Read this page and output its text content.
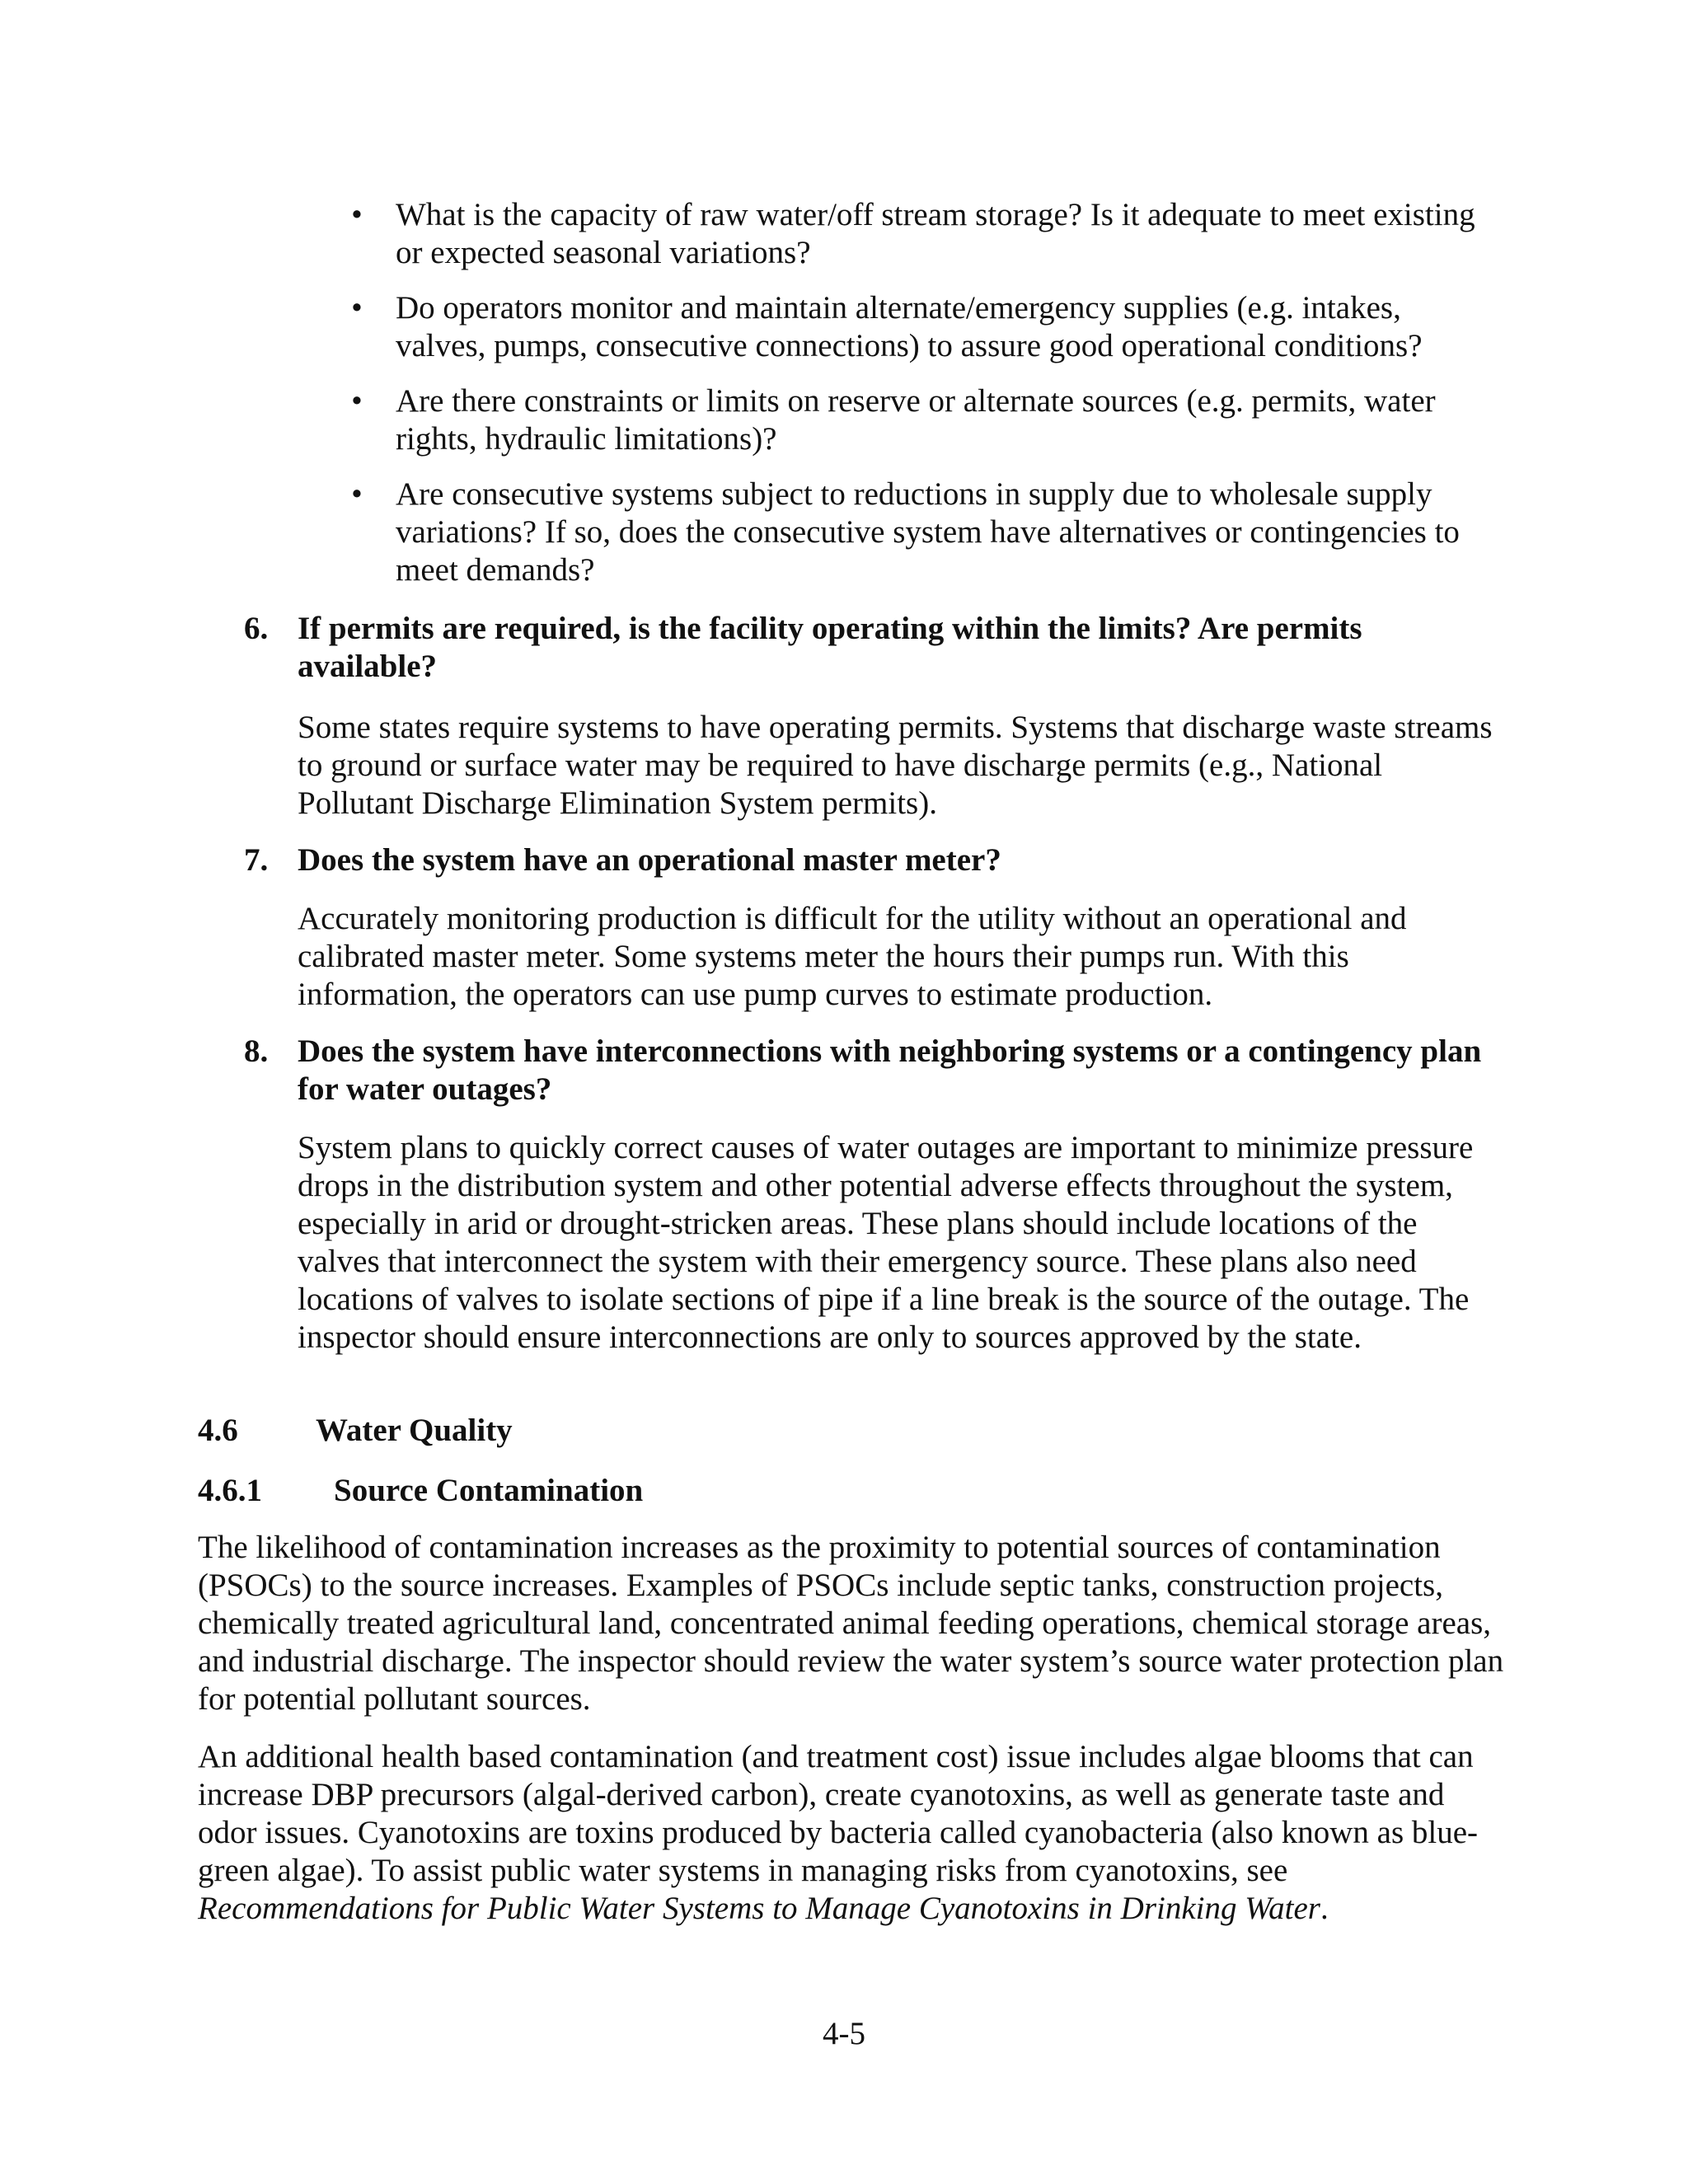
• What is the capacity of raw water/off stream storage? Is it adequate to meet existing or expected seasonal variations?
• Do operators monitor and maintain alternate/emergency supplies (e.g. intakes, valves, pumps, consecutive connections) to assure good operational conditions?
• Are there constraints or limits on reserve or alternate sources (e.g. permits, water rights, hydraulic limitations)?
• Are consecutive systems subject to reductions in supply due to wholesale supply variations? If so, does the consecutive system have alternatives or contingencies to meet demands?
6. If permits are required, is the facility operating within the limits? Are permits available?
Some states require systems to have operating permits. Systems that discharge waste streams to ground or surface water may be required to have discharge permits (e.g., National Pollutant Discharge Elimination System permits).
7. Does the system have an operational master meter?
Accurately monitoring production is difficult for the utility without an operational and calibrated master meter. Some systems meter the hours their pumps run. With this information, the operators can use pump curves to estimate production.
8. Does the system have interconnections with neighboring systems or a contingency plan for water outages?
System plans to quickly correct causes of water outages are important to minimize pressure drops in the distribution system and other potential adverse effects throughout the system, especially in arid or drought-stricken areas. These plans should include locations of the valves that interconnect the system with their emergency source. These plans also need locations of valves to isolate sections of pipe if a line break is the source of the outage. The inspector should ensure interconnections are only to sources approved by the state.
4.6 Water Quality
4.6.1 Source Contamination
The likelihood of contamination increases as the proximity to potential sources of contamination (PSOCs) to the source increases. Examples of PSOCs include septic tanks, construction projects, chemically treated agricultural land, concentrated animal feeding operations, chemical storage areas, and industrial discharge. The inspector should review the water system’s source water protection plan for potential pollutant sources.
An additional health based contamination (and treatment cost) issue includes algae blooms that can increase DBP precursors (algal-derived carbon), create cyanotoxins, as well as generate taste and odor issues. Cyanotoxins are toxins produced by bacteria called cyanobacteria (also known as blue-green algae). To assist public water systems in managing risks from cyanotoxins, see Recommendations for Public Water Systems to Manage Cyanotoxins in Drinking Water.
4-5
